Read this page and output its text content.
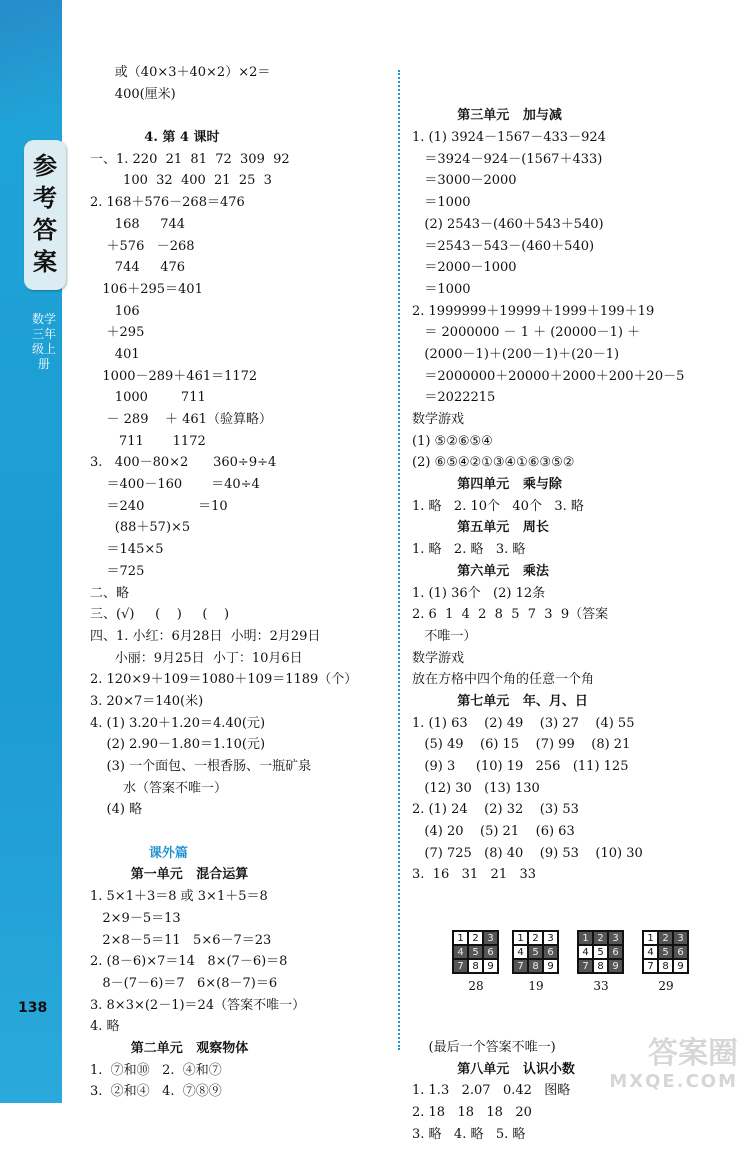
参考答案
数学 三年级上册
138
或（40×3＋40×2）×2＝
400(厘米)
4. 第 4 课时
一、1. 220  21  81  72  309  92
100  32  400  21  25  3
2. 168＋576－268＝476
168     744
＋576   －268
744     476
106＋295＝401
106
＋295
401
1000－289＋461＝1172
1000        711
－ 289    ＋ 461（验算略）
711       1172
3.   400－80×2      360÷9÷4
＝400－160       ＝40÷4
＝240             ＝10
(88＋57)×5
＝145×5
＝725
二、略
三、(√)     (    )     (    )
四、1. 小红：6月28日  小明：2月29日
小丽：9月25日  小丁：10月6日
2. 120×9＋109＝1080＋109＝1189（个）
3. 20×7＝140(米)
4. (1) 3.20＋1.20＝4.40(元)
(2) 2.90－1.80＝1.10(元)
(3) 一个面包、一根香肠、一瓶矿泉
水（答案不唯一）
(4) 略
课外篇
第一单元   混合运算
1. 5×1＋3＝8 或 3×1＋5＝8
2×9－5＝13
2×8－5＝11   5×6－7＝23
2. (8－6)×7＝14   8×(7－6)＝8
8－(7－6)＝7   6×(8－7)＝6
3. 8×3×(2－1)＝24（答案不唯一）
4. 略
第二单元   观察物体
1.  ⑦和⑩   2.  ④和⑦
3.  ②和④   4.  ⑦⑧⑨

第三单元   加与减
1. (1) 3924－1567－433－924
＝3924－924－(1567＋433)
＝3000－2000
＝1000
(2) 2543－(460＋543＋540)
＝2543－543－(460＋540)
＝2000－1000
＝1000
2. 1999999＋19999＋1999＋199＋19
＝ 2000000 － 1 ＋ (20000－1) ＋
(2000－1)＋(200－1)＋(20－1)
＝2000000＋20000＋2000＋200＋20－5
＝2022215
数学游戏
(1) ⑤②⑥⑤④
(2) ⑥⑤④②①③④①⑥③⑤②
第四单元   乘与除
1. 略   2. 10个   40个   3. 略
第五单元   周长
1. 略   2. 略   3. 略
第六单元   乘法
1. (1) 36个   (2) 12条
2. 6  1  4  2  8  5  7  3  9（答案
不唯一）
数学游戏
放在方格中四个角的任意一个角
第七单元   年、月、日
1. (1) 63    (2) 49    (3) 27    (4) 55
(5) 49    (6) 15    (7) 99    (8) 21
(9) 3     (10) 19   256   (11) 125
(12) 30   (13) 130
2. (1) 24    (2) 32    (3) 53
(4) 20    (5) 21    (6) 63
(7) 725   (8) 40    (9) 53    (10) 30
3.  16   31   21   33

1 2 3
4 5 6
7 8 9
28
1 2 3
4 5 6
7 8 9
19
1 2 3
4 5 6
7 8 9
33
1 2 3
4 5 6
7 8 9
29

(最后一个答案不唯一)
第八单元   认识小数
1. 1.3   2.07   0.42   图略
2. 18   18   18   20
3. 略   4. 略   5. 略

答案圈
MXQE.COM
